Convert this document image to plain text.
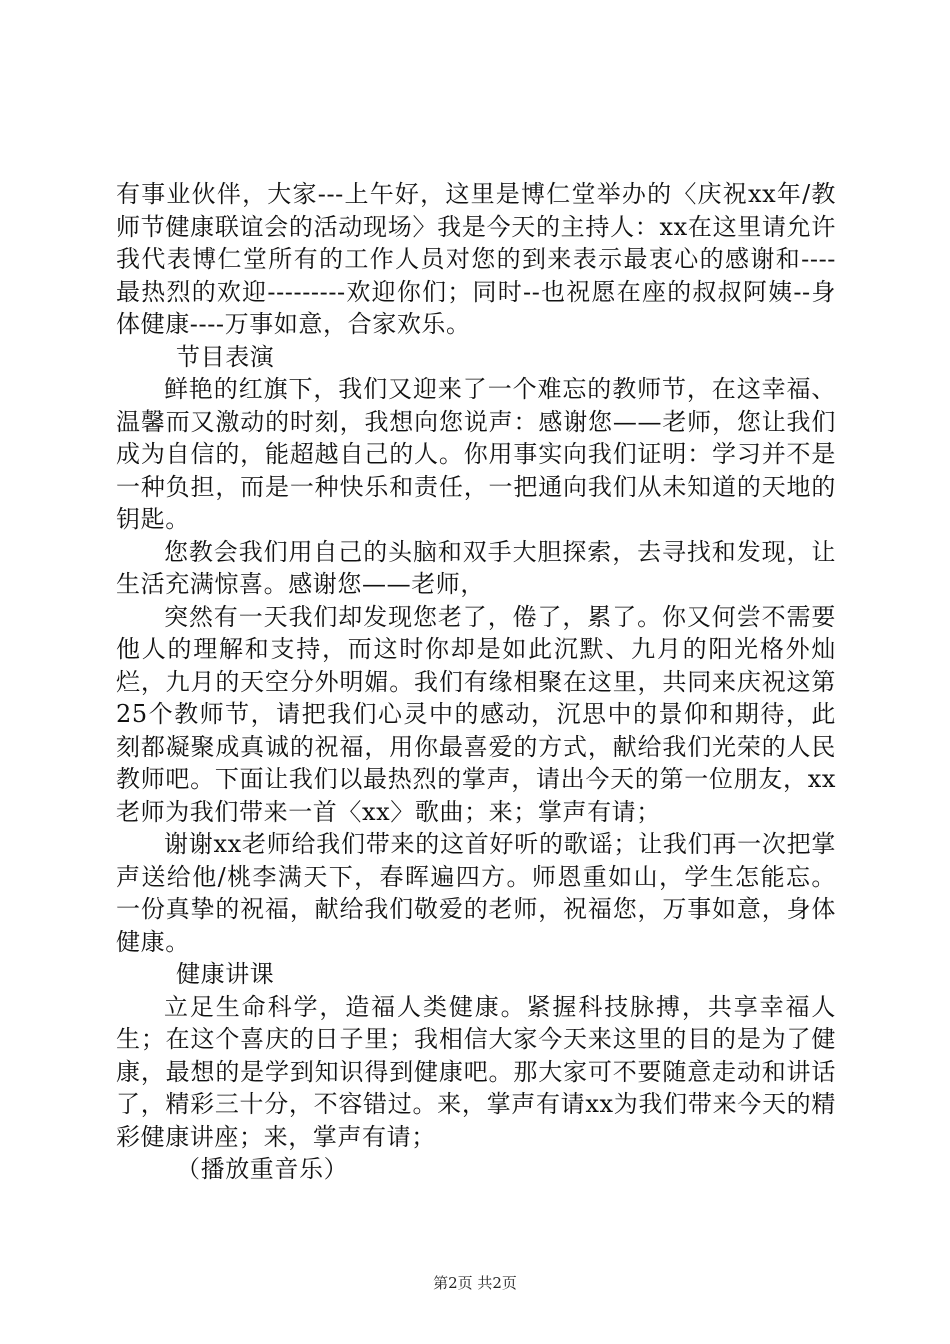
有事业伙伴，大家---上午好，这里是博仁堂举办的〈庆祝xx年/教师节健康联谊会的活动现场〉我是今天的主持人：xx在这里请允许我代表博仁堂所有的工作人员对您的到来表示最衷心的感谢和----最热烈的欢迎---------欢迎你们；同时--也祝愿在座的叔叔阿姨--身体健康----万事如意，合家欢乐。

节目表演

鲜艳的红旗下，我们又迎来了一个难忘的教师节，在这幸福、温馨而又激动的时刻，我想向您说声：感谢您——老师，您让我们成为自信的，能超越自己的人。你用事实向我们证明：学习并不是一种负担，而是一种快乐和责任，一把通向我们从未知道的天地的钥匙。

您教会我们用自己的头脑和双手大胆探索，去寻找和发现，让生活充满惊喜。感谢您——老师，

突然有一天我们却发现您老了，倦了，累了。你又何尝不需要他人的理解和支持，而这时你却是如此沉默、九月的阳光格外灿烂，九月的天空分外明媚。我们有缘相聚在这里，共同来庆祝这第25个教师节，请把我们心灵中的感动，沉思中的景仰和期待，此刻都凝聚成真诚的祝福，用你最喜爱的方式，献给我们光荣的人民教师吧。下面让我们以最热烈的掌声，请出今天的第一位朋友，xx老师为我们带来一首〈xx〉歌曲；来；掌声有请；

谢谢xx老师给我们带来的这首好听的歌谣；让我们再一次把掌声送给他/桃李满天下，春晖遍四方。师恩重如山，学生怎能忘。一份真挚的祝福，献给我们敬爱的老师，祝福您，万事如意，身体健康。

健康讲课

立足生命科学，造福人类健康。紧握科技脉搏，共享幸福人生；在这个喜庆的日子里；我相信大家今天来这里的目的是为了健康，最想的是学到知识得到健康吧。那大家可不要随意走动和讲话了，精彩三十分，不容错过。来，掌声有请xx为我们带来今天的精彩健康讲座；来，掌声有请；

（播放重音乐）

第2页 共2页
